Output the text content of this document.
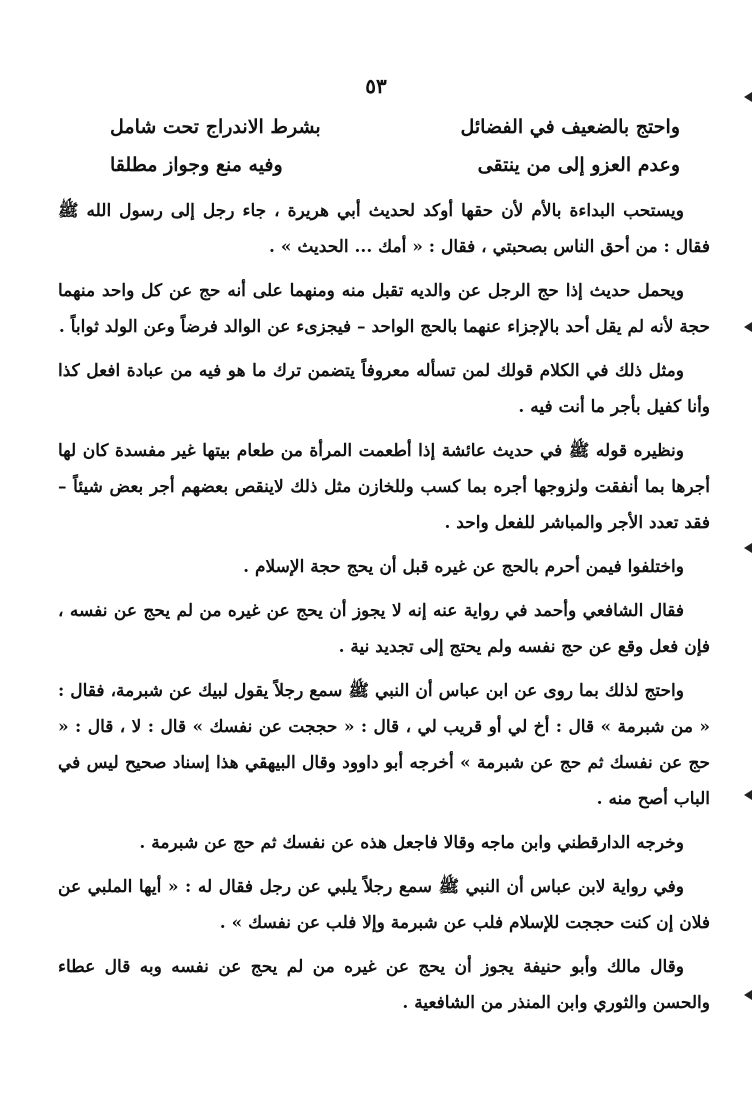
٥٣
واحتج بالضعيف في الفضائل
بشرط الاندراج تحت شامل
وعدم العزو إلى من ينتقى
وفيه منع وجواز مطلقا

ويستحب البداءة بالأم لأن حقها أوكد لحديث أبي هريرة ، جاء رجل إلى رسول الله ﷺ فقال : من أحق الناس بصحبتي ، فقال : « أمك ... الحديث » .

ويحمل حديث إذا حج الرجل عن والديه تقبل منه ومنهما على أنه حج عن كل واحد منهما حجة لأنه لم يقل أحد بالإجزاء عنهما بالحج الواحد – فيجزىء عن الوالد فرضاً وعن الولد ثواباً .

ومثل ذلك في الكلام قولك لمن تسأله معروفاً يتضمن ترك ما هو فيه من عبادة افعل كذا وأنا كفيل بأجر ما أنت فيه .

ونظيره قوله ﷺ في حديث عائشة إذا أطعمت المرأة من طعام بيتها غير مفسدة كان لها أجرها بما أنفقت ولزوجها أجره بما كسب وللخازن مثل ذلك لاينقص بعضهم أجر بعض شيئاً – فقد تعدد الأجر والمباشر للفعل واحد .

واختلفوا فيمن أحرم بالحج عن غيره قبل أن يحج حجة الإسلام .

فقال الشافعي وأحمد في رواية عنه إنه لا يجوز أن يحج عن غيره من لم يحج عن نفسه ، فإن فعل وقع عن حج نفسه ولم يحتج إلى تجديد نية .

واحتج لذلك بما روى عن ابن عباس أن النبي ﷺ سمع رجلاً يقول لبيك عن شبرمة، فقال : « من شبرمة » قال : أخ لي أو قريب لي ، قال : « حججت عن نفسك » قال : لا ، قال : « حج عن نفسك ثم حج عن شبرمة » أخرجه أبو داوود وقال البيهقي هذا إسناد صحيح ليس في الباب أصح منه .

وخرجه الدارقطني وابن ماجه وقالا فاجعل هذه عن نفسك ثم حج عن شبرمة .

وفي رواية لابن عباس أن النبي ﷺ سمع رجلاً يلبي عن رجل فقال له : « أيها الملبي عن فلان إن كنت حججت للإسلام فلب عن شبرمة وإلا فلب عن نفسك » .

وقال مالك وأبو حنيفة يجوز أن يحج عن غيره من لم يحج عن نفسه وبه قال عطاء والحسن والثوري وابن المنذر من الشافعية .
